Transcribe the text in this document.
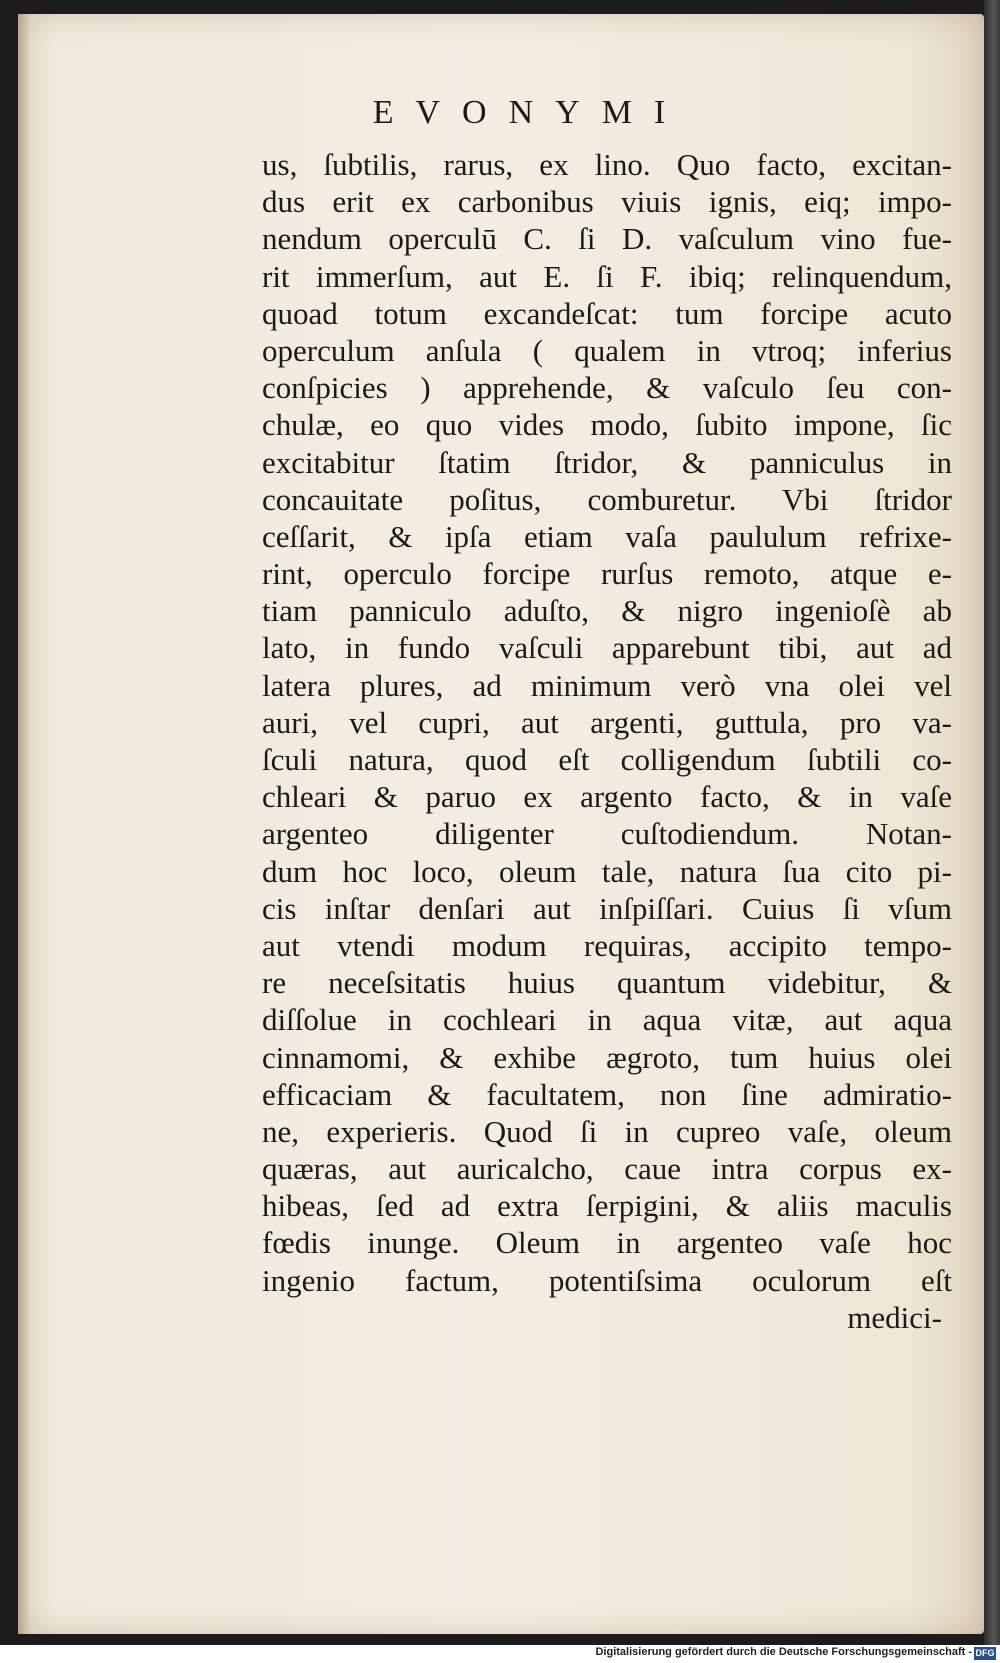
EVONYMI
us, ſubtilis, rarus, ex lino. Quo facto, excitan-
dus erit ex carbonibus viuis ignis, eiq; impo-
nendum operculū C. ſi D. vaſculum vino fue-
rit immerſum, aut E. ſi F. ibiq; relinquendum,
quoad totum excandeſcat: tum forcipe acuto
operculum anſula ( qualem in vtroq; inferius
conſpicies ) apprehende, & vaſculo ſeu con-
chulæ, eo quo vides modo, ſubito impone, ſic
excitabitur ſtatim ſtridor, & panniculus in
concauitate poſitus, comburetur. Vbi ſtridor
ceſſarit, & ipſa etiam vaſa paululum refrixe-
rint, operculo forcipe rurſus remoto, atque e-
tiam panniculo aduſto, & nigro ingenioſè ab
lato, in fundo vaſculi apparebunt tibi, aut ad
latera plures, ad minimum verò vna olei vel
auri, vel cupri, aut argenti, guttula, pro va-
ſculi natura, quod eſt colligendum ſubtili co-
chleari & paruo ex argento facto, & in vaſe
argenteo diligenter cuſtodiendum. Notan-
dum hoc loco, oleum tale, natura ſua cito pi-
cis inſtar denſari aut inſpiſſari. Cuius ſi vſum
aut vtendi modum requiras, accipito tempo-
re neceſsitatis huius quantum videbitur, &
diſſolue in cochleari in aqua vitæ, aut aqua
cinnamomi, & exhibe ægroto, tum huius olei
efficaciam & facultatem, non ſine admiratio-
ne, experieris. Quod ſi in cupreo vaſe, oleum
quæras, aut auricalcho, caue intra corpus ex-
hibeas, ſed ad extra ſerpigini, & aliis maculis
fœdis inunge. Oleum in argenteo vaſe hoc
ingenio factum, potentiſsima oculorum eſt
medici-
Digitalisierung gefördert durch die Deutsche Forschungsgemeinschaft - DFG
